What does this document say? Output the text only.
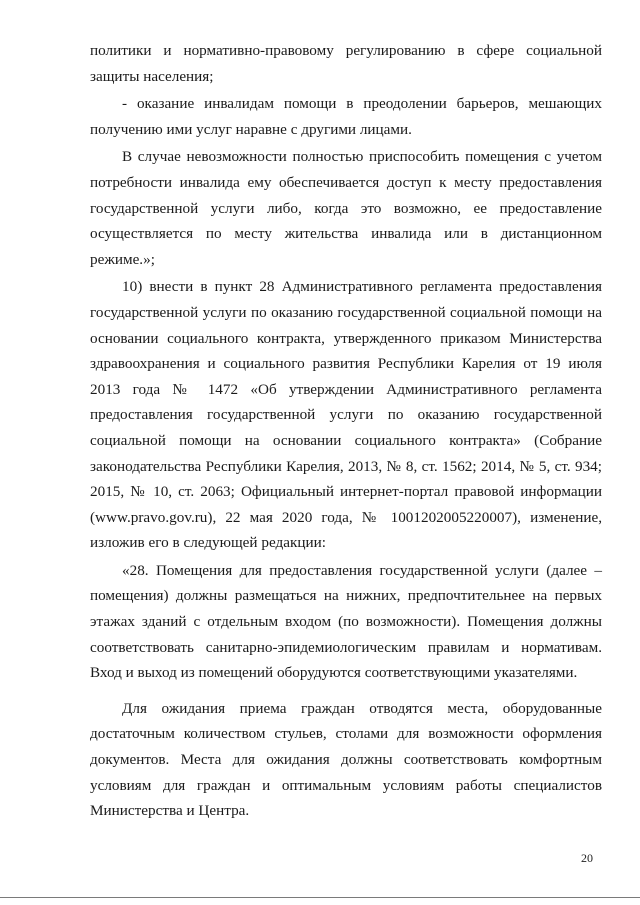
политики и нормативно-правовому регулированию в сфере социальной защиты населения;

- оказание инвалидам помощи в преодолении барьеров, мешающих получению ими услуг наравне с другими лицами.

В случае невозможности полностью приспособить помещения с учетом потребности инвалида ему обеспечивается доступ к месту предоставления государственной услуги либо, когда это возможно, ее предоставление осуществляется по месту жительства инвалида или в дистанционном режиме.»;

10) внести в пункт 28 Административного регламента предоставления государственной услуги по оказанию государственной социальной помощи на основании социального контракта, утвержденного приказом Министерства здравоохранения и социального развития Республики Карелия от 19 июля 2013 года № 1472 «Об утверждении Административного регламента предоставления государственной услуги по оказанию государственной социальной помощи на основании социального контракта» (Собрание законодательства Республики Карелия, 2013, № 8, ст. 1562; 2014, № 5, ст. 934; 2015, № 10, ст. 2063; Официальный интернет-портал правовой информации (www.pravo.gov.ru), 22 мая 2020 года, № 1001202005220007), изменение, изложив его в следующей редакции:

«28. Помещения для предоставления государственной услуги (далее – помещения) должны размещаться на нижних, предпочтительнее на первых этажах зданий с отдельным входом (по возможности). Помещения должны соответствовать санитарно-эпидемиологическим правилам и нормативам. Вход и выход из помещений оборудуются соответствующими указателями.

Для ожидания приема граждан отводятся места, оборудованные достаточным количеством стульев, столами для возможности оформления документов. Места для ожидания должны соответствовать комфортным условиям для граждан и оптимальным условиям работы специалистов Министерства и Центра.

20
